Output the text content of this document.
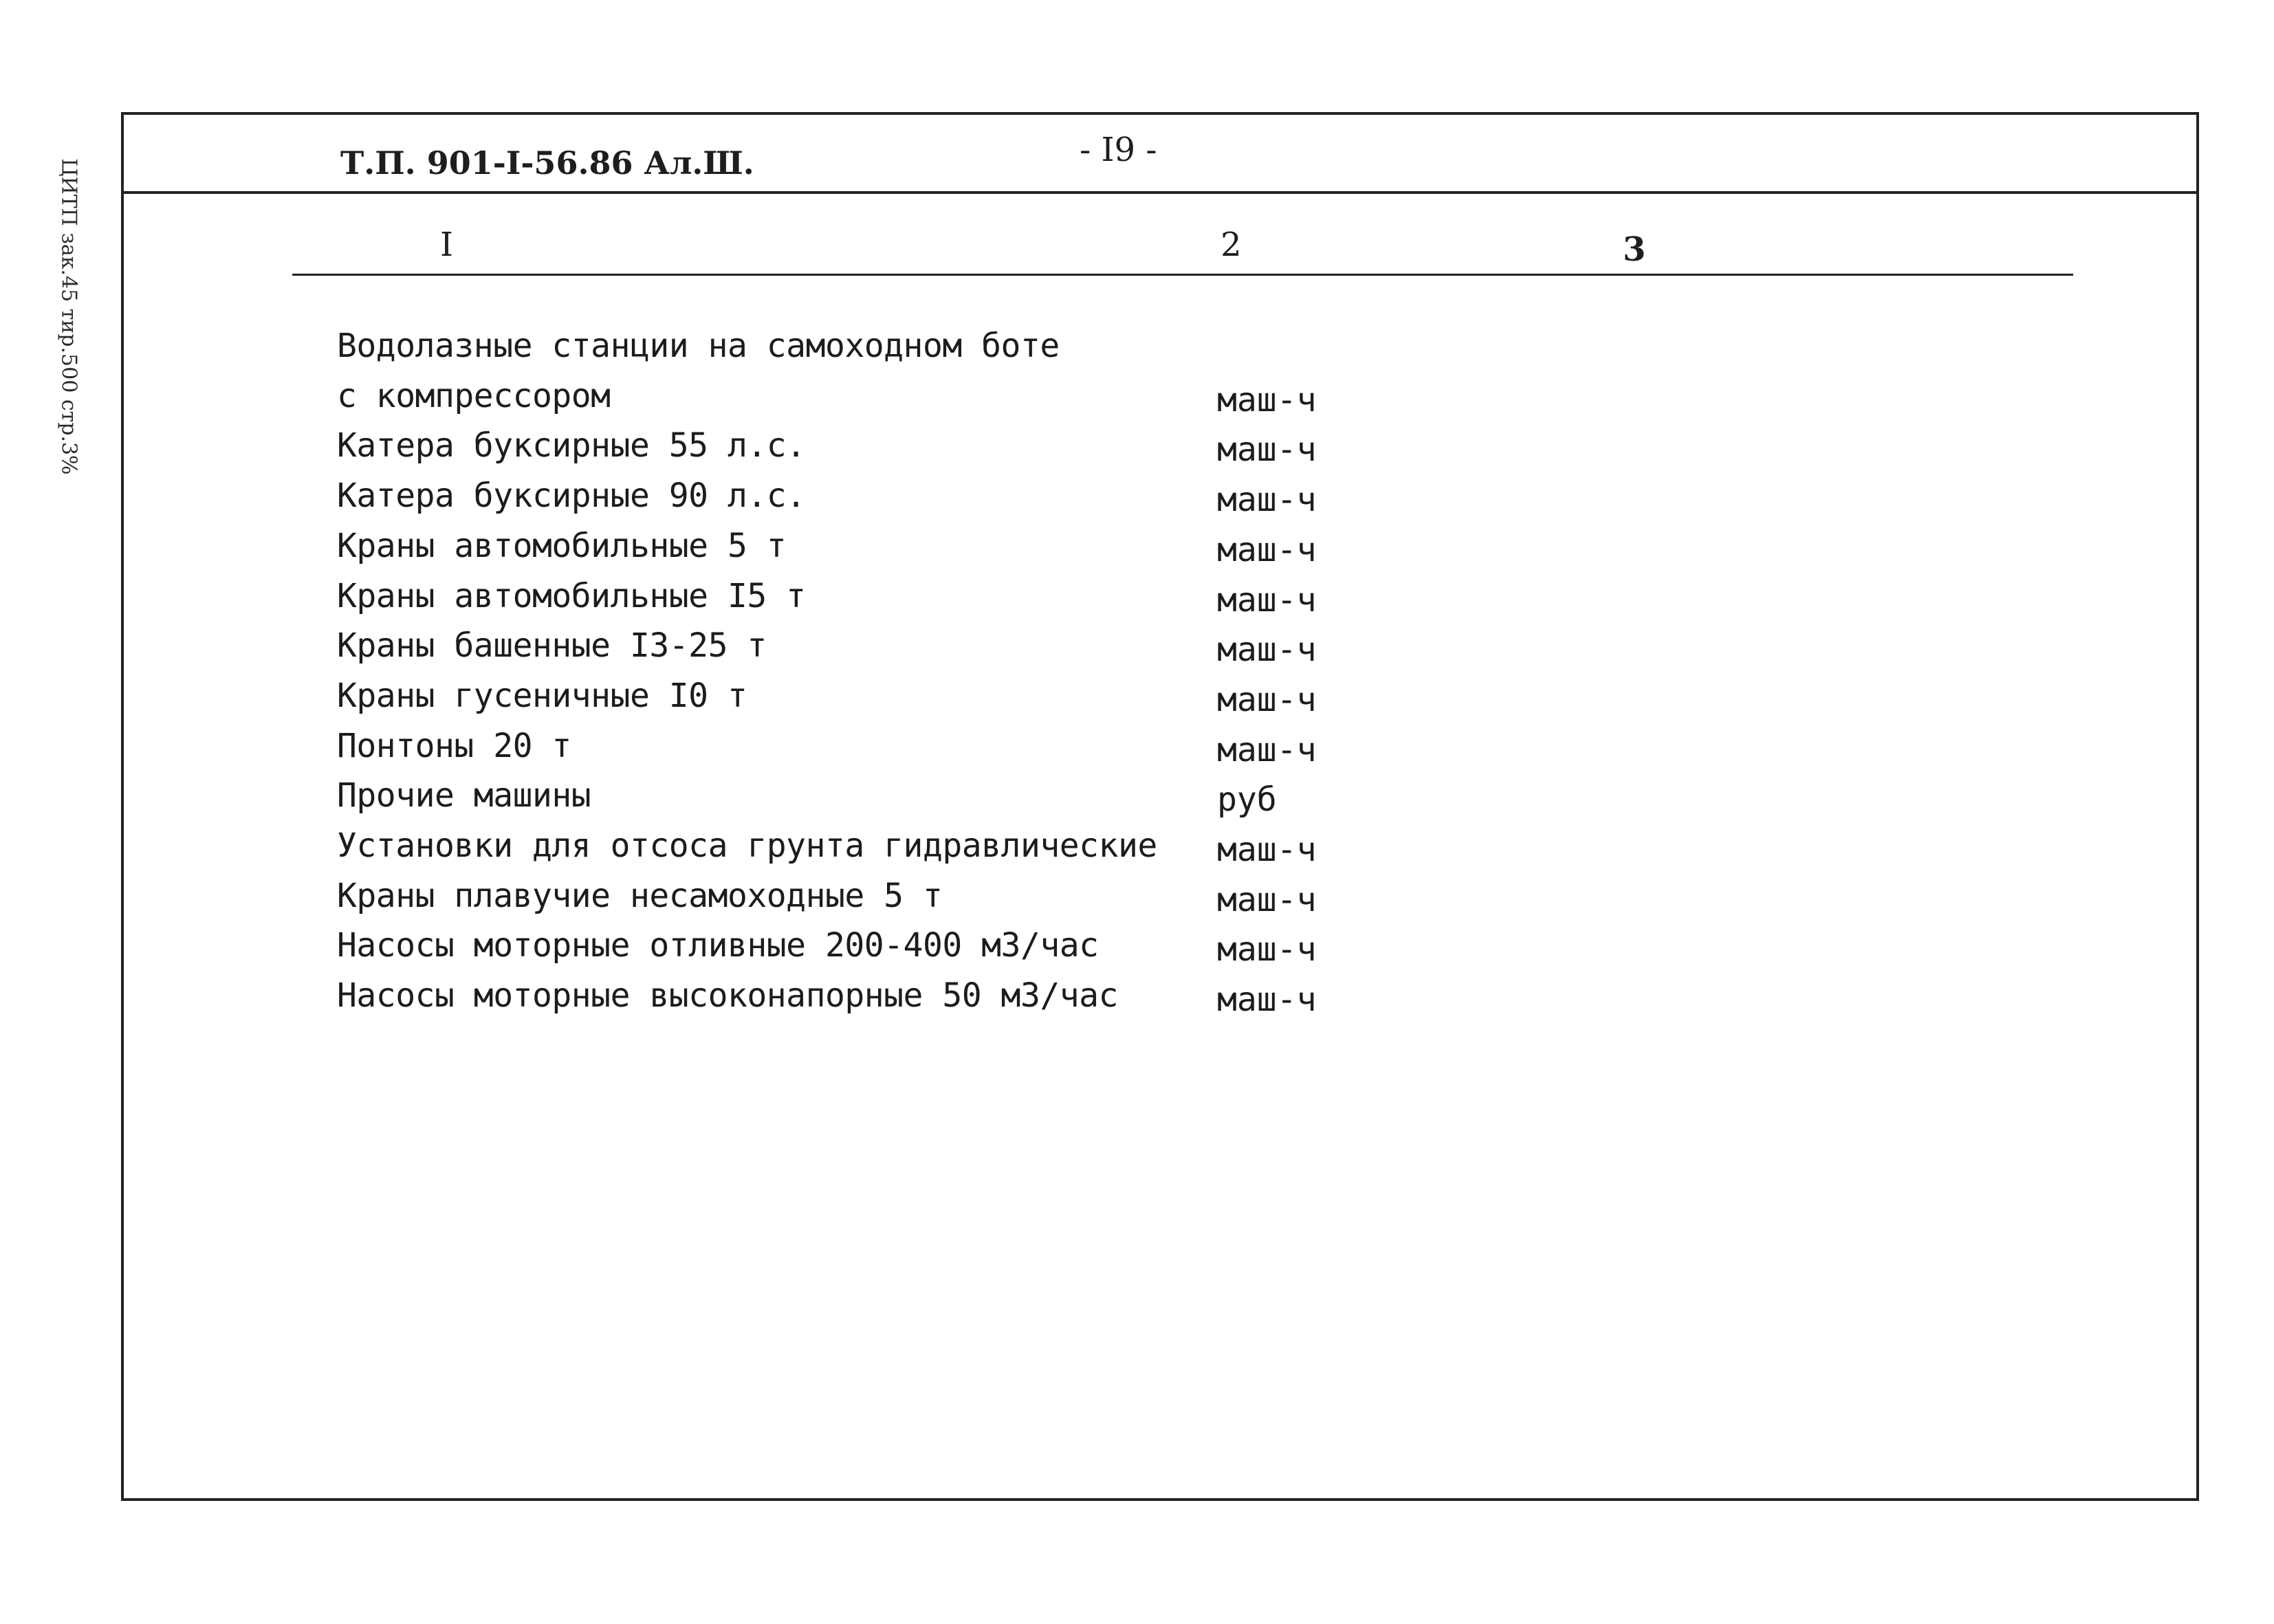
ЦИТП зак.45 тир.500 стр.3%	Т.П. 901-I-56.86 Ал.Ш.	- I9 -
I	2	3
Водолазные станции на самоходном боте
с компрессором	маш-ч
Катера буксирные 55 л.с.	маш-ч
Катера буксирные 90 л.с.	маш-ч
Краны автомобильные 5 т	маш-ч
Краны автомобильные I5 т	маш-ч
Краны башенные I3-25 т	маш-ч
Краны гусеничные I0 т	маш-ч
Понтоны 20 т	маш-ч
Прочие машины	руб
Установки для отсоса грунта гидравлические маш-ч
Краны плавучие несамоходные 5 т	маш-ч
Насосы моторные отливные 200-400 м3/час	маш-ч
Насосы моторные высоконапорные 50 м3/час	маш-ч
